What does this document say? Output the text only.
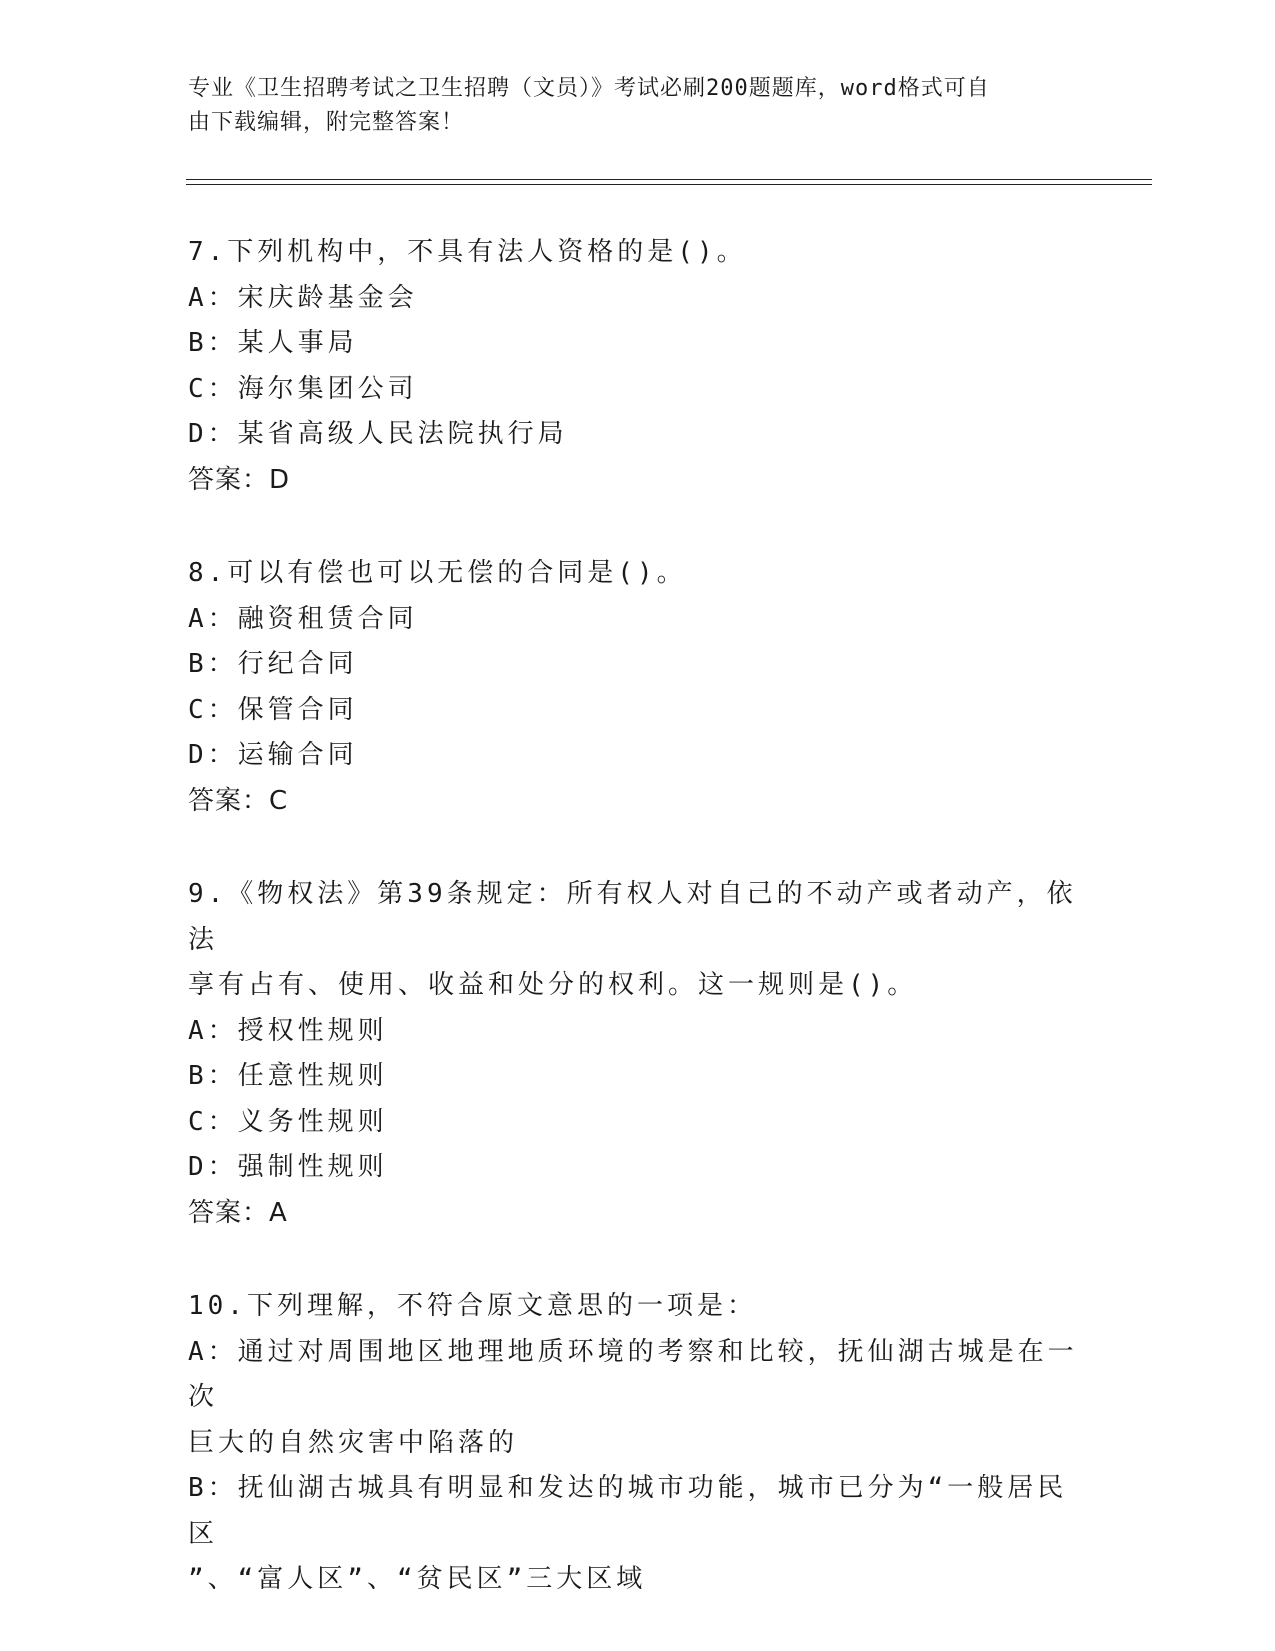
专业《卫生招聘考试之卫生招聘（文员）》考试必刷200题题库，word格式可自
由下载编辑，附完整答案！
7.下列机构中，不具有法人资格的是()。
A：宋庆龄基金会
B：某人事局
C：海尔集团公司
D：某省高级人民法院执行局
答案：D
8.可以有偿也可以无偿的合同是()。
A：融资租赁合同
B：行纪合同
C：保管合同
D：运输合同
答案：C
9.《物权法》第39条规定：所有权人对自己的不动产或者动产，依法
享有占有、使用、收益和处分的权利。这一规则是()。
A：授权性规则
B：任意性规则
C：义务性规则
D：强制性规则
答案：A
10.下列理解，不符合原文意思的一项是：
A：通过对周围地区地理地质环境的考察和比较，抚仙湖古城是在一次
巨大的自然灾害中陷落的
B：抚仙湖古城具有明显和发达的城市功能，城市已分为“一般居民区
”、“富人区”、“贫民区”三大区域
